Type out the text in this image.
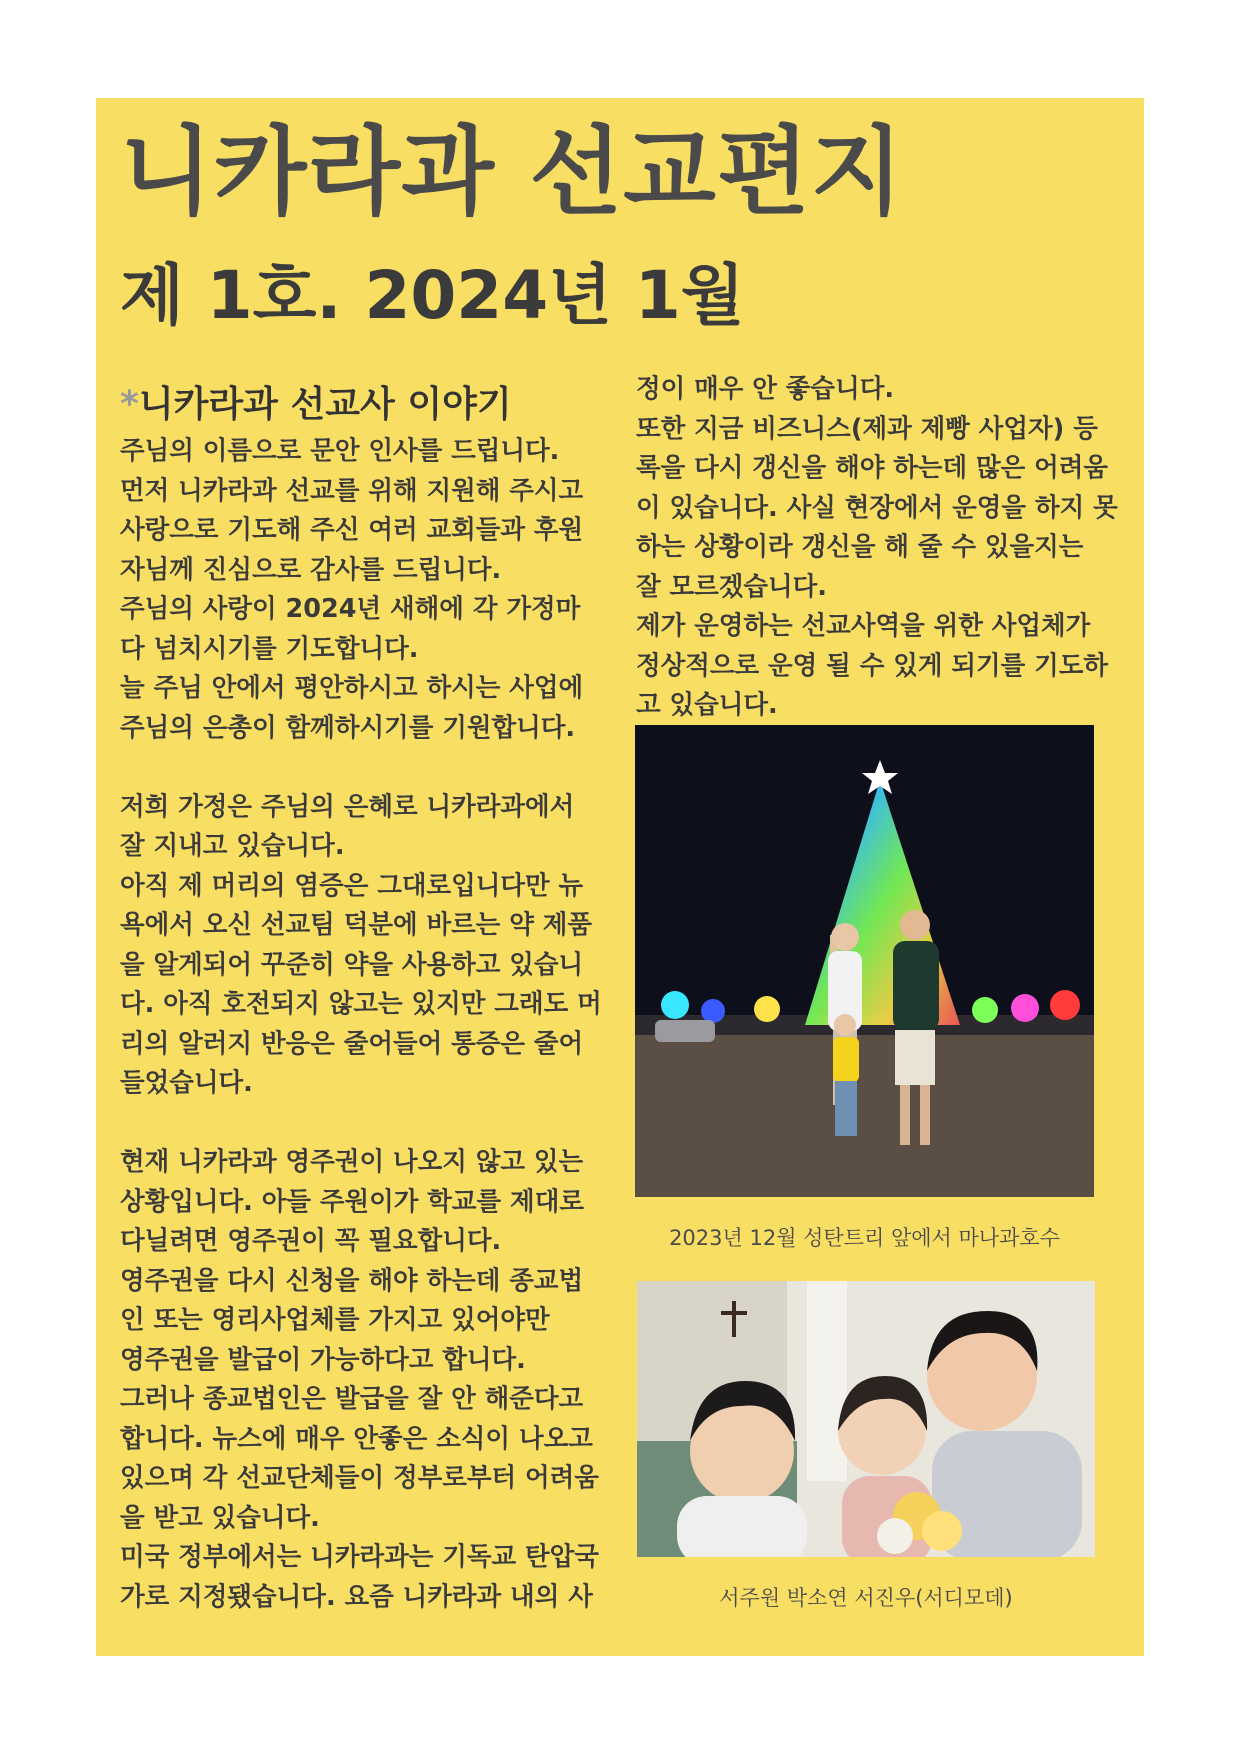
니카라과 선교편지
제 1호. 2024년 1월
*니카라과 선교사 이야기
주님의 이름으로 문안 인사를 드립니다.
먼저 니카라과 선교를 위해 지원해 주시고
사랑으로 기도해 주신 여러 교회들과 후원
자님께 진심으로 감사를 드립니다.
주님의 사랑이 2024년 새해에 각 가정마
다 넘치시기를 기도합니다.
늘 주님 안에서 평안하시고 하시는 사업에
주님의 은총이 함께하시기를 기원합니다.
저희 가정은 주님의 은혜로 니카라과에서
잘 지내고 있습니다.
아직 제 머리의 염증은 그대로입니다만 뉴
욕에서 오신 선교팀 덕분에 바르는 약 제품
을 알게되어 꾸준히 약을 사용하고 있습니
다. 아직 호전되지 않고는 있지만 그래도 머
리의 알러지 반응은 줄어들어 통증은 줄어
들었습니다.
현재 니카라과 영주권이 나오지 않고 있는
상황입니다. 아들 주원이가 학교를 제대로
다닐려면 영주권이 꼭 필요합니다.
영주권을 다시 신청을 해야 하는데 종교법
인 또는 영리사업체를 가지고 있어야만
영주권을 발급이 가능하다고 합니다.
그러나 종교법인은 발급을 잘 안 해준다고
합니다. 뉴스에 매우 안좋은 소식이 나오고
있으며 각 선교단체들이 정부로부터 어려움
을 받고 있습니다.
미국 정부에서는 니카라과는 기독교 탄압국
가로 지정됐습니다. 요즘 니카라과 내의 사
정이 매우 안 좋습니다.
또한 지금 비즈니스(제과 제빵 사업자) 등
록을 다시 갱신을 해야 하는데 많은 어려움
이 있습니다. 사실 현장에서 운영을 하지 못
하는 상황이라 갱신을 해 줄 수 있을지는
잘 모르겠습니다.
제가 운영하는 선교사역을 위한 사업체가
정상적으로 운영 될 수 있게 되기를 기도하
고 있습니다.
2023년 12월 성탄트리 앞에서 마나과호수
서주원 박소연 서진우(서디모데)
